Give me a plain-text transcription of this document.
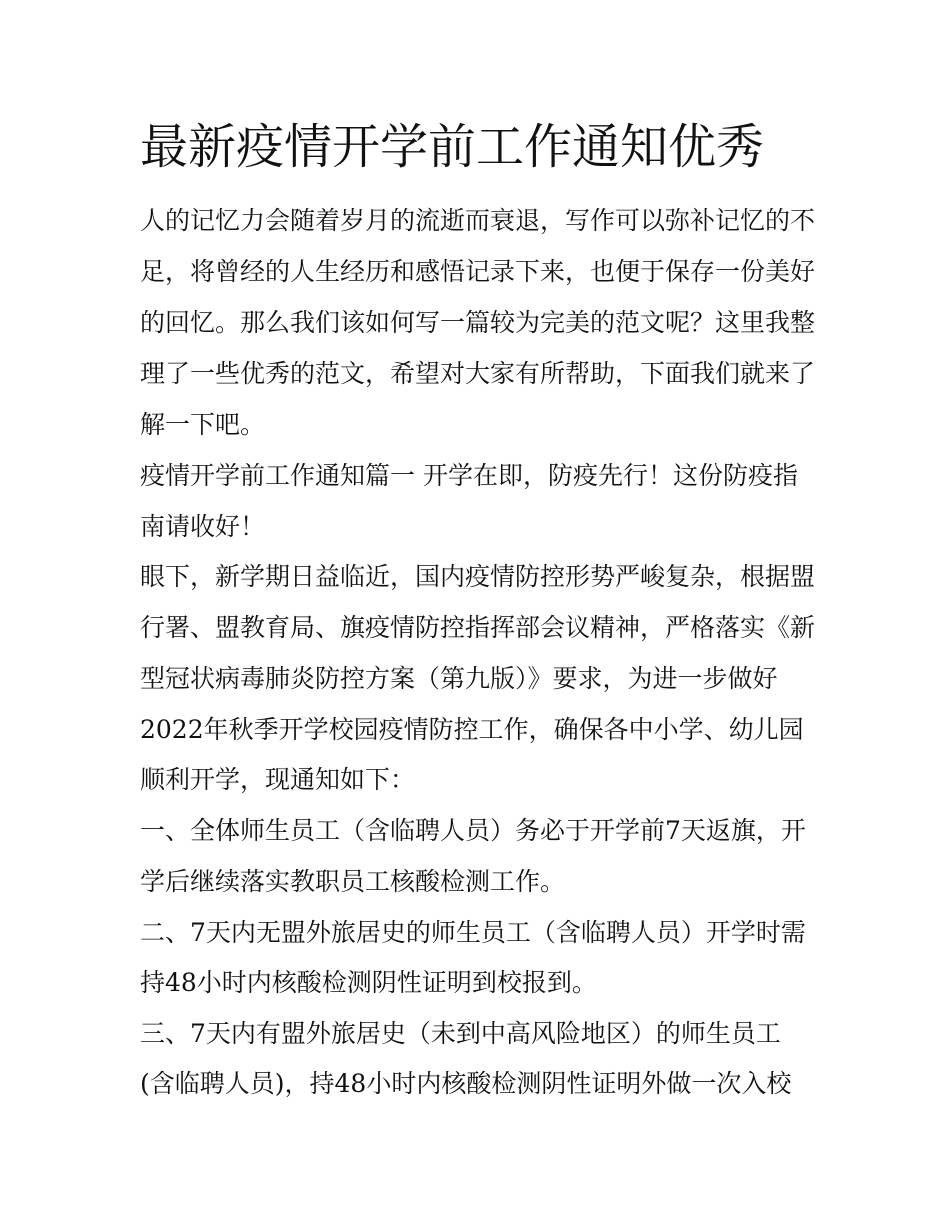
最新疫情开学前工作通知优秀
人的记忆力会随着岁月的流逝而衰退，写作可以弥补记忆的不
足，将曾经的人生经历和感悟记录下来，也便于保存一份美好
的回忆。那么我们该如何写一篇较为完美的范文呢？这里我整
理了一些优秀的范文，希望对大家有所帮助，下面我们就来了
解一下吧。
疫情开学前工作通知篇一 开学在即，防疫先行！这份防疫指
南请收好！
眼下，新学期日益临近，国内疫情防控形势严峻复杂，根据盟
行署、盟教育局、旗疫情防控指挥部会议精神，严格落实《新
型冠状病毒肺炎防控方案（第九版）》要求，为进一步做好
2022年秋季开学校园疫情防控工作，确保各中小学、幼儿园
顺利开学，现通知如下：
一、全体师生员工（含临聘人员）务必于开学前7天返旗，开
学后继续落实教职员工核酸检测工作。
二、7天内无盟外旅居史的师生员工（含临聘人员）开学时需
持48小时内核酸检测阴性证明到校报到。
三、7天内有盟外旅居史（未到中高风险地区）的师生员工
(含临聘人员)，持48小时内核酸检测阴性证明外做一次入校
